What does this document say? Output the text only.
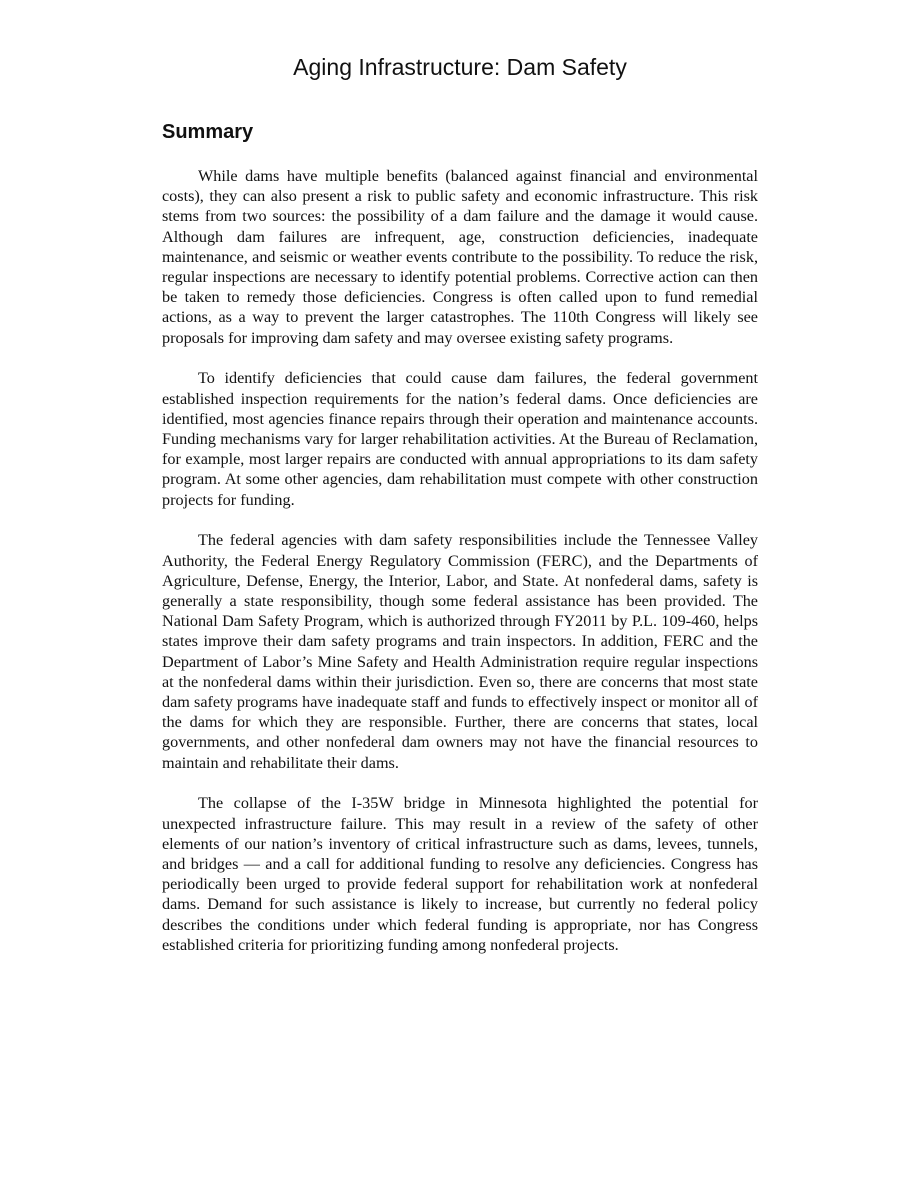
Aging Infrastructure: Dam Safety
Summary

While dams have multiple benefits (balanced against financial and environmental costs), they can also present a risk to public safety and economic infrastructure. This risk stems from two sources: the possibility of a dam failure and the damage it would cause. Although dam failures are infrequent, age, construction deficiencies, inadequate maintenance, and seismic or weather events contribute to the possibility. To reduce the risk, regular inspections are necessary to identify potential problems. Corrective action can then be taken to remedy those deficiencies. Congress is often called upon to fund remedial actions, as a way to prevent the larger catastrophes. The 110th Congress will likely see proposals for improving dam safety and may oversee existing safety programs.

To identify deficiencies that could cause dam failures, the federal government established inspection requirements for the nation’s federal dams. Once deficiencies are identified, most agencies finance repairs through their operation and maintenance accounts. Funding mechanisms vary for larger rehabilitation activities. At the Bureau of Reclamation, for example, most larger repairs are conducted with annual appropriations to its dam safety program. At some other agencies, dam rehabilitation must compete with other construction projects for funding.

The federal agencies with dam safety responsibilities include the Tennessee Valley Authority, the Federal Energy Regulatory Commission (FERC), and the Departments of Agriculture, Defense, Energy, the Interior, Labor, and State. At nonfederal dams, safety is generally a state responsibility, though some federal assistance has been provided. The National Dam Safety Program, which is authorized through FY2011 by P.L. 109-460, helps states improve their dam safety programs and train inspectors. In addition, FERC and the Department of Labor’s Mine Safety and Health Administration require regular inspections at the nonfederal dams within their jurisdiction. Even so, there are concerns that most state dam safety programs have inadequate staff and funds to effectively inspect or monitor all of the dams for which they are responsible. Further, there are concerns that states, local governments, and other nonfederal dam owners may not have the financial resources to maintain and rehabilitate their dams.

The collapse of the I-35W bridge in Minnesota highlighted the potential for unexpected infrastructure failure. This may result in a review of the safety of other elements of our nation’s inventory of critical infrastructure such as dams, levees, tunnels, and bridges — and a call for additional funding to resolve any deficiencies. Congress has periodically been urged to provide federal support for rehabilitation work at nonfederal dams. Demand for such assistance is likely to increase, but currently no federal policy describes the conditions under which federal funding is appropriate, nor has Congress established criteria for prioritizing funding among nonfederal projects.
